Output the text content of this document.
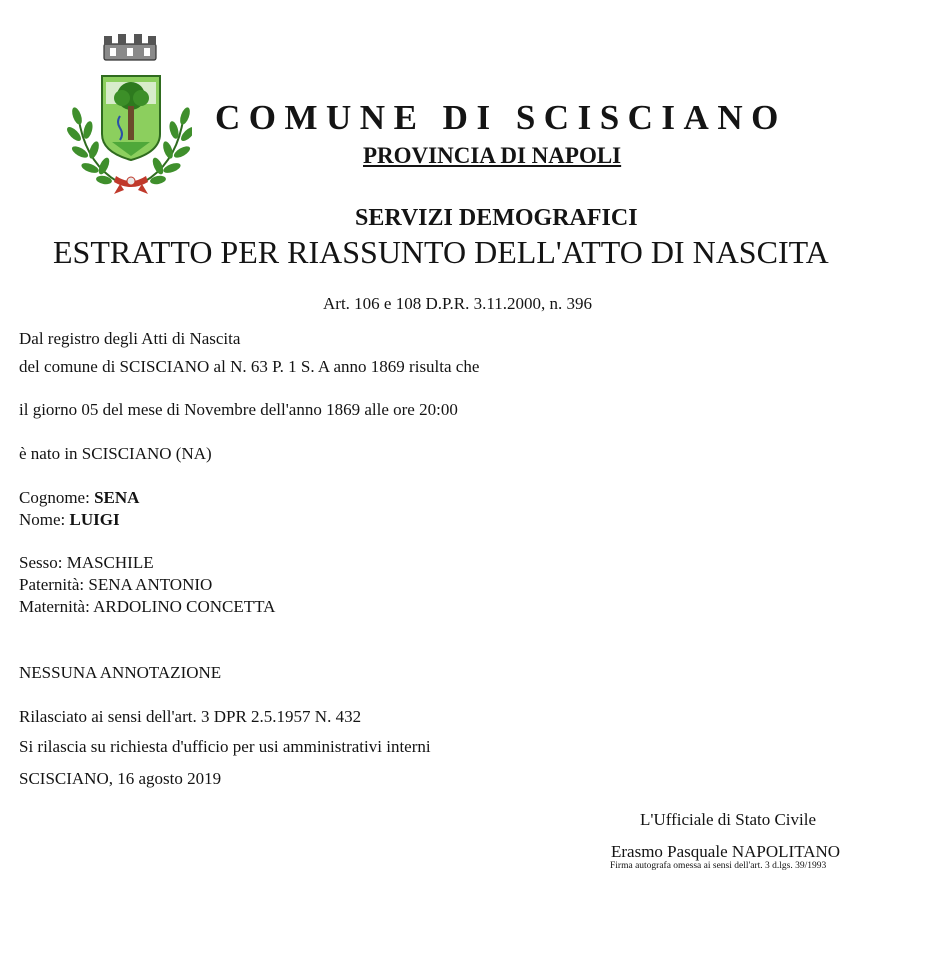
COMUNE DI SCISCIANO
PROVINCIA DI NAPOLI
SERVIZI DEMOGRAFICI
ESTRATTO PER RIASSUNTO DELL'ATTO DI NASCITA
Art. 106 e 108 D.P.R. 3.11.2000, n. 396
Dal registro degli Atti di Nascita
del comune di SCISCIANO al N. 63 P. 1 S. A anno 1869 risulta che
il giorno 05 del mese di Novembre dell'anno 1869 alle ore 20:00
è nato in SCISCIANO (NA)
Cognome: SENA
Nome: LUIGI
Sesso: MASCHILE
Paternità: SENA ANTONIO
Maternità: ARDOLINO CONCETTA
NESSUNA ANNOTAZIONE
Rilasciato ai sensi dell'art. 3 DPR 2.5.1957 N. 432
Si rilascia su richiesta d'ufficio per usi amministrativi interni
SCISCIANO, 16 agosto 2019
L'Ufficiale di Stato Civile
Erasmo Pasquale NAPOLITANO
Firma autografa omessa ai sensi dell'art. 3 d.lgs. 39/1993
